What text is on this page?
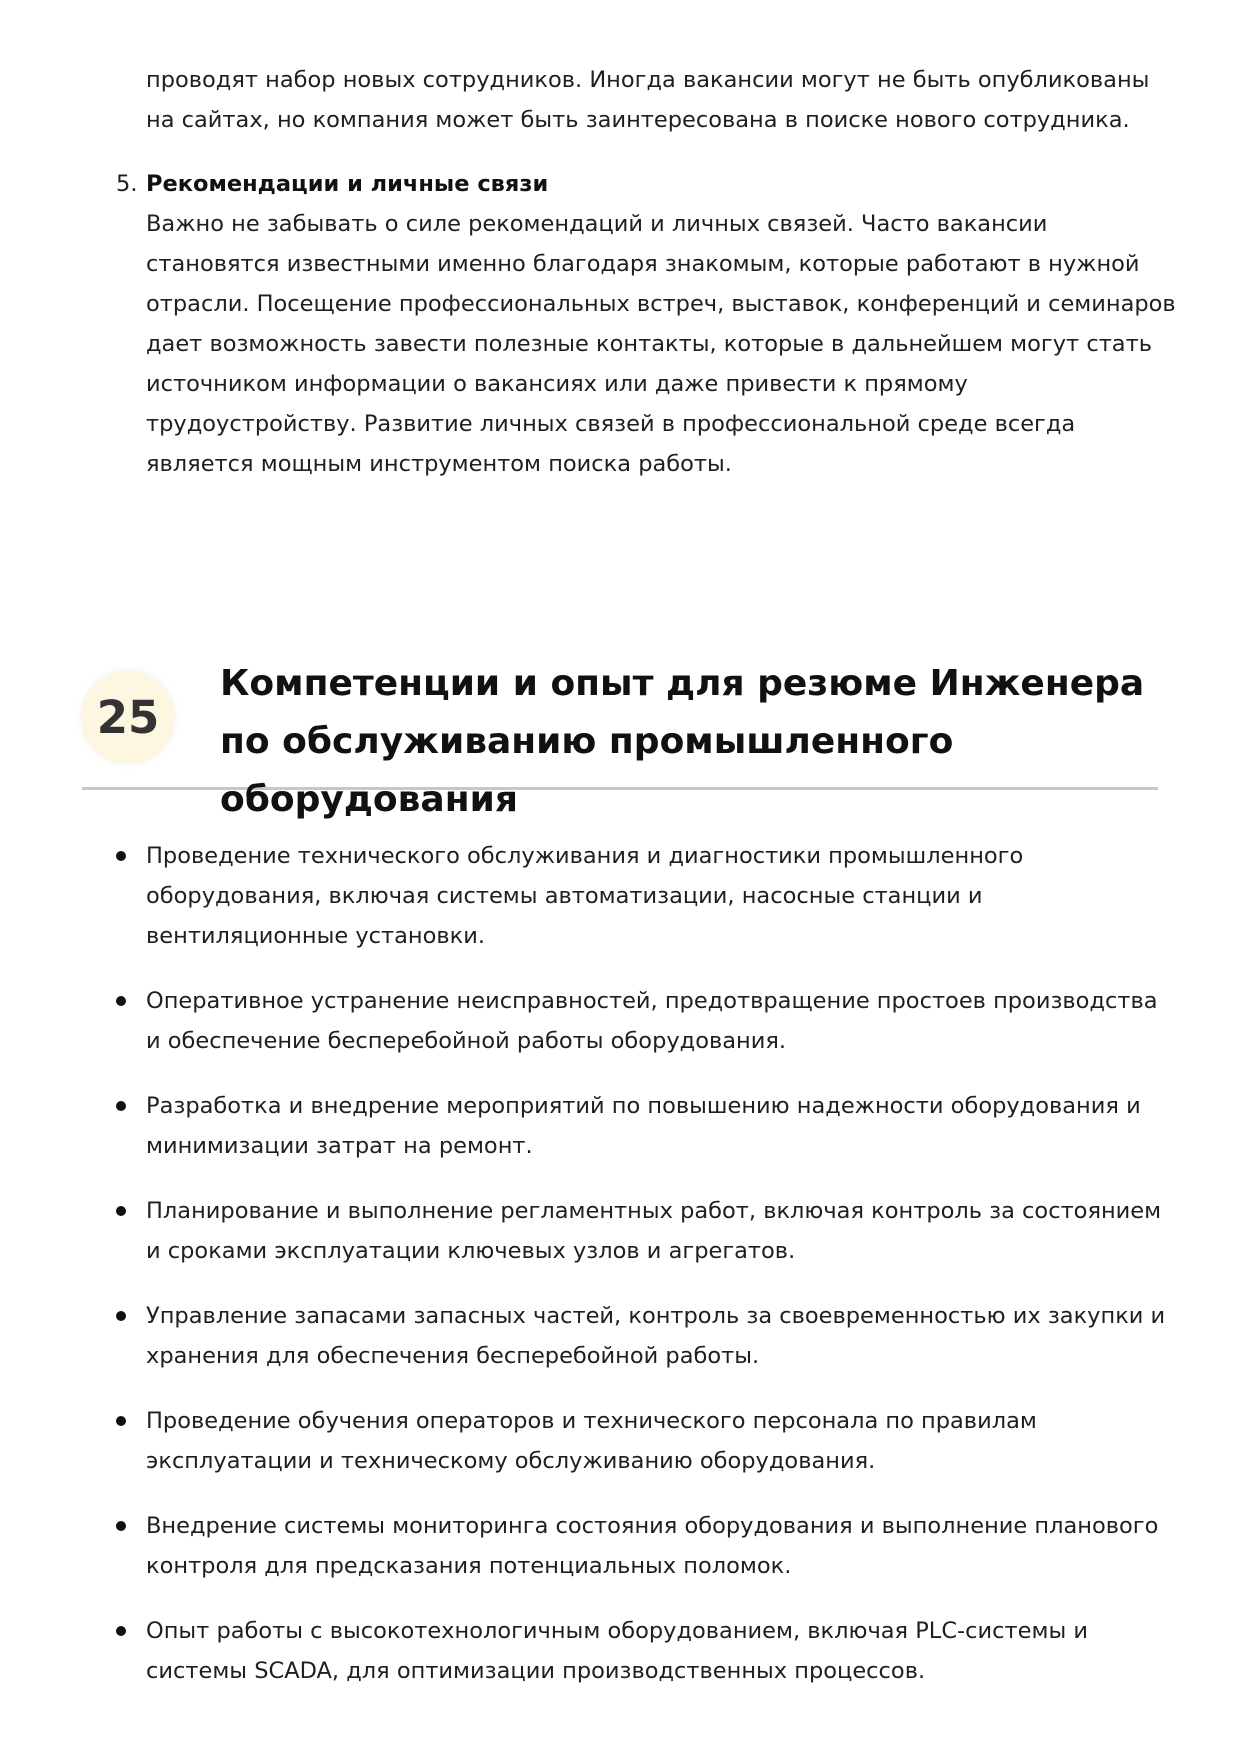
проводят набор новых сотрудников. Иногда вакансии могут не быть опубликованы на сайтах, но компания может быть заинтересована в поиске нового сотрудника.

5. Рекомендации и личные связи

Важно не забывать о силе рекомендаций и личных связей. Часто вакансии становятся известными именно благодаря знакомым, которые работают в нужной отрасли. Посещение профессиональных встреч, выставок, конференций и семинаров дает возможность завести полезные контакты, которые в дальнейшем могут стать источником информации о вакансиях или даже привести к прямому трудоустройству. Развитие личных связей в профессиональной среде всегда является мощным инструментом поиска работы.

25
Компетенции и опыт для резюме Инженера по обслуживанию промышленного оборудования
Проведение технического обслуживания и диагностики промышленного оборудования, включая системы автоматизации, насосные станции и вентиляционные установки.
Оперативное устранение неисправностей, предотвращение простоев производства и обеспечение бесперебойной работы оборудования.
Разработка и внедрение мероприятий по повышению надежности оборудования и минимизации затрат на ремонт.
Планирование и выполнение регламентных работ, включая контроль за состоянием и сроками эксплуатации ключевых узлов и агрегатов.
Управление запасами запасных частей, контроль за своевременностью их закупки и хранения для обеспечения бесперебойной работы.
Проведение обучения операторов и технического персонала по правилам эксплуатации и техническому обслуживанию оборудования.
Внедрение системы мониторинга состояния оборудования и выполнение планового контроля для предсказания потенциальных поломок.
Опыт работы с высокотехнологичным оборудованием, включая PLC-системы и системы SCADA, для оптимизации производственных процессов.
